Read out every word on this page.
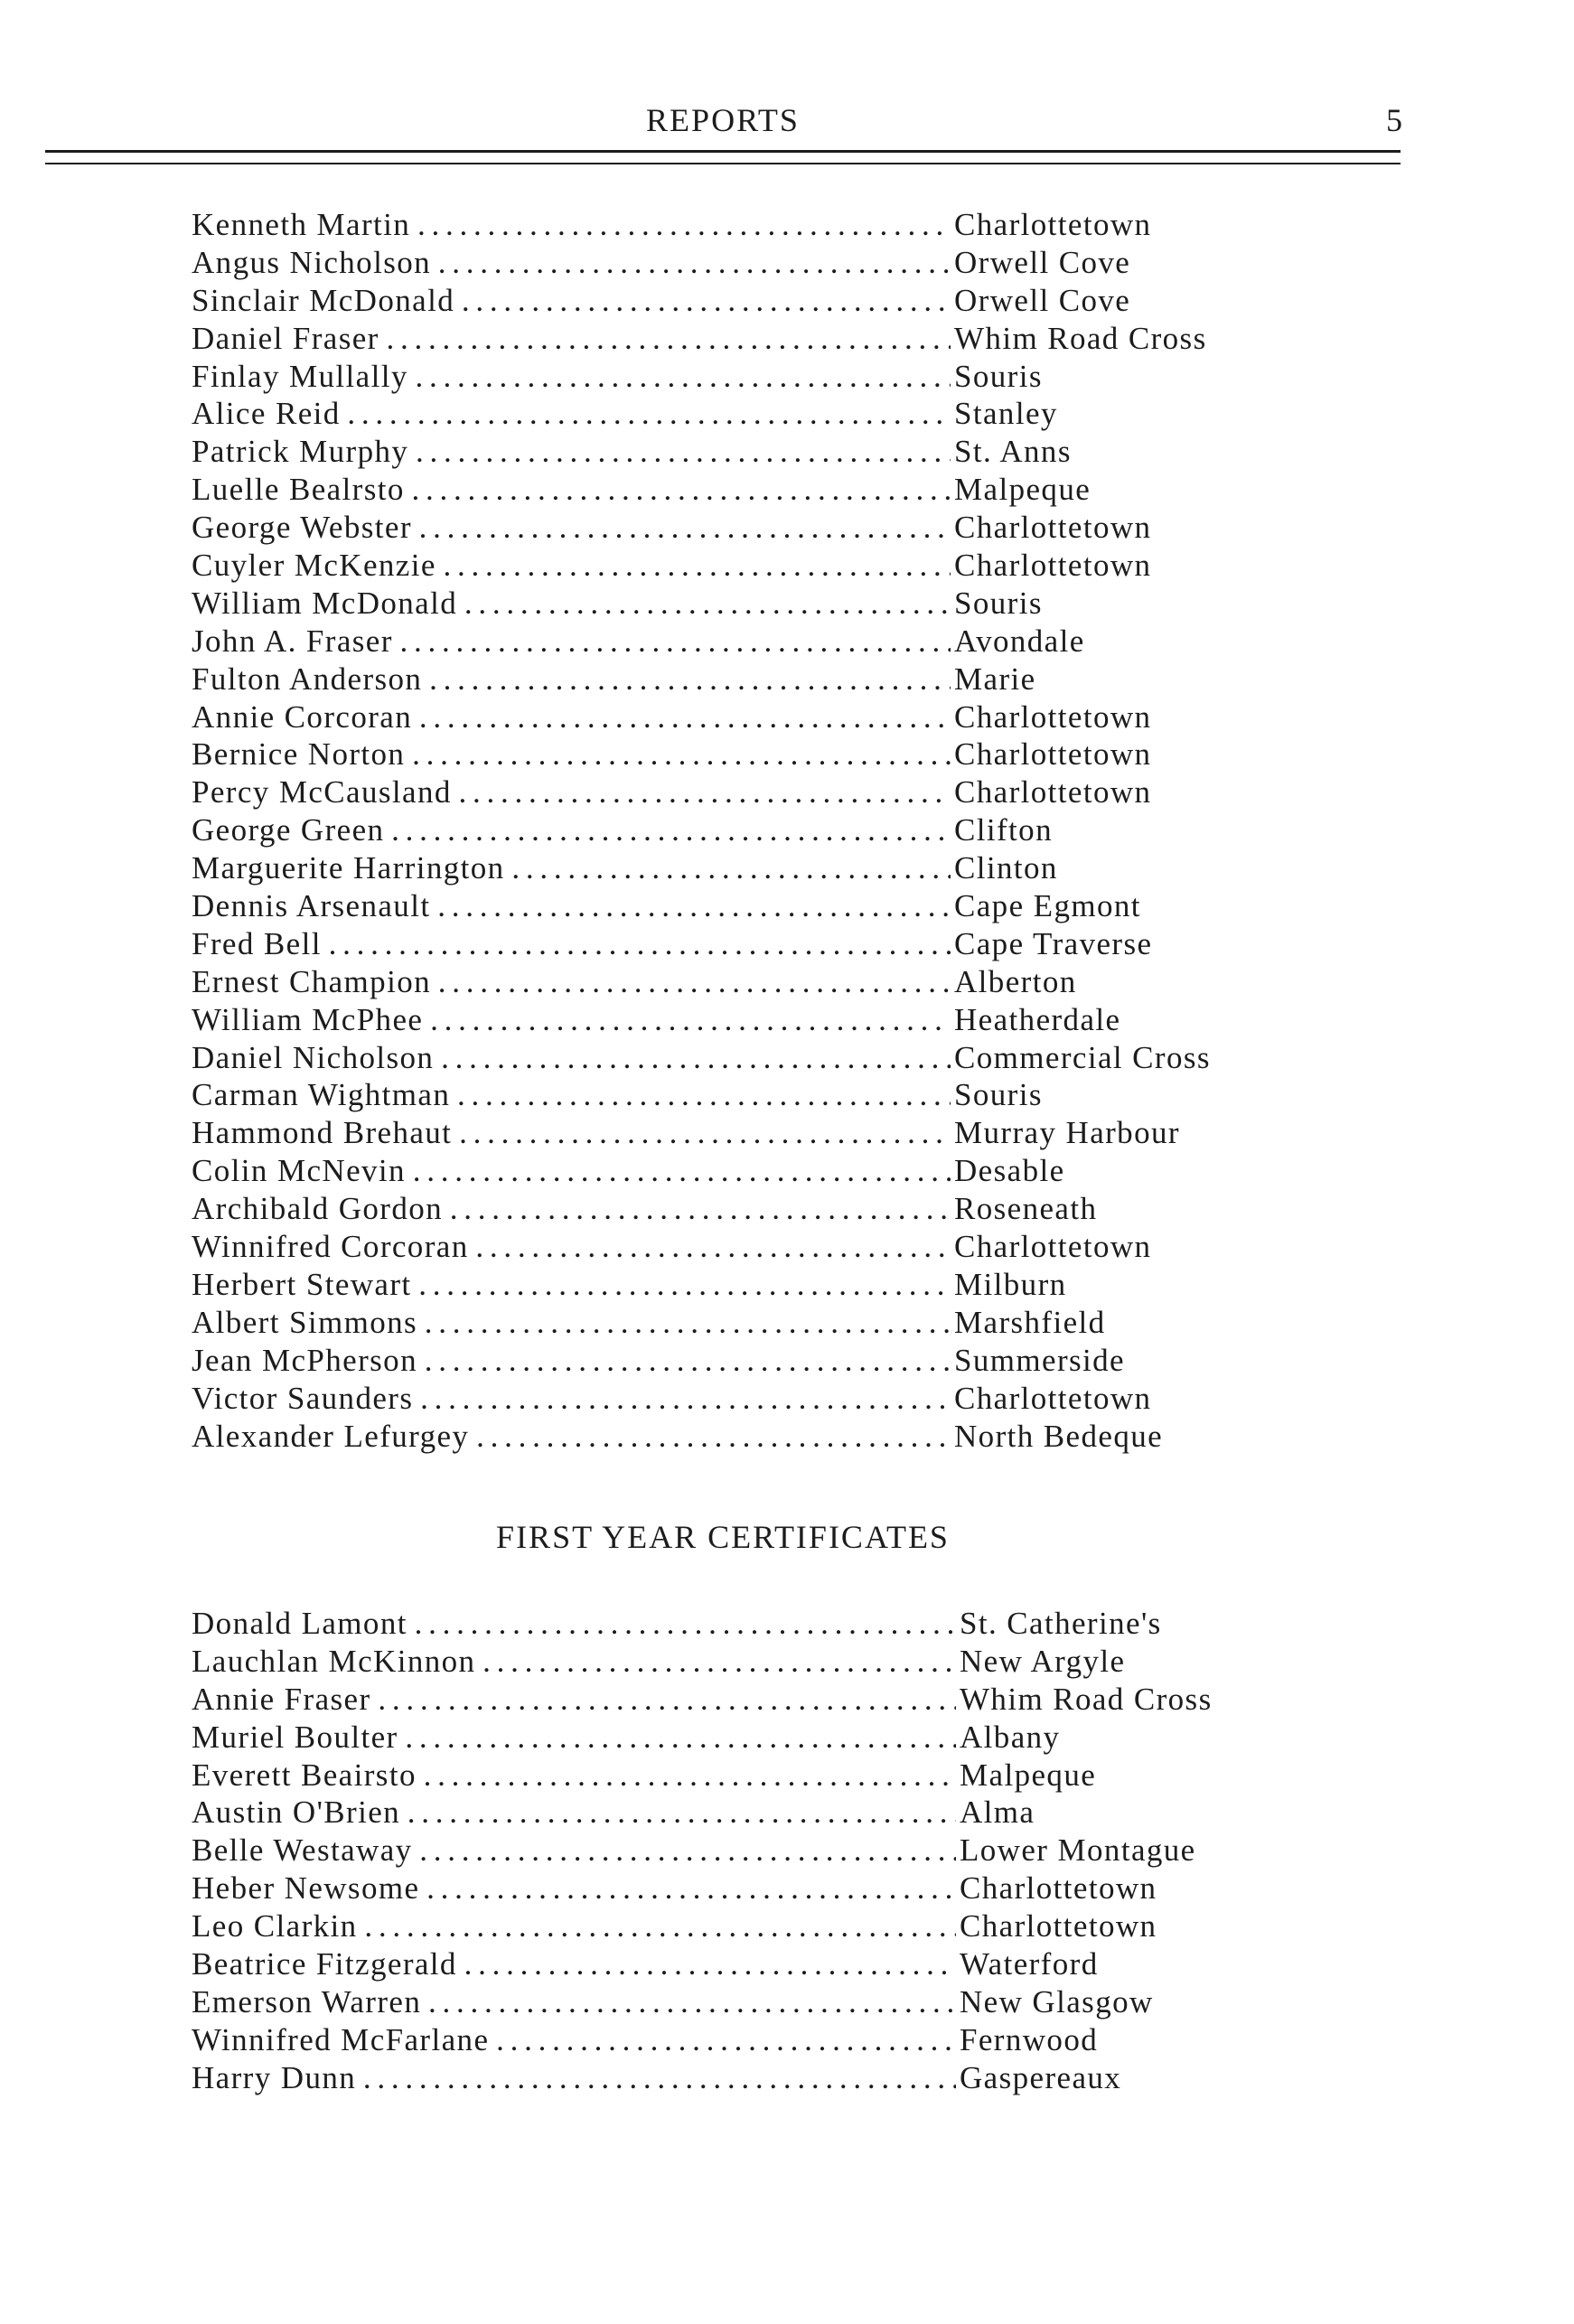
REPORTS	5
Kenneth Martin . . .	Charlottetown
Angus Nicholson . . .	Orwell Cove
Sinclair McDonald . . .	Orwell Cove
Daniel Fraser . . .	Whim Road Cross
Finlay Mullally . . .	Souris
Alice Reid . . .	Stanley
Patrick Murphy . . .	St. Anns
Luelle Bealrsto . . .	Malpeque
George Webster . . .	Charlottetown
Cuyler McKenzie . . .	Charlottetown
William McDonald . . .	Souris
John A. Fraser . . .	Avondale
Fulton Anderson . . .	Marie
Annie Corcoran . . .	Charlottetown
Bernice Norton . . .	Charlottetown
Percy McCausland . . .	Charlottetown
George Green . . .	Clifton
Marguerite Harrington . . .	Clinton
Dennis Arsenault . . .	Cape Egmont
Fred Bell . . .	Cape Traverse
Ernest Champion . . .	Alberton
William McPhee . . .	Heatherdale
Daniel Nicholson . . .	Commercial Cross
Carman Wightman . . .	Souris
Hammond Brehaut . . .	Murray Harbour
Colin McNevin . . .	Desable
Archibald Gordon . . .	Roseneath
Winnifred Corcoran . . .	Charlottetown
Herbert Stewart . . .	Milburn
Albert Simmons . . .	Marshfield
Jean McPherson . . .	Summerside
Victor Saunders . . .	Charlottetown
Alexander Lefurgey . . .	North Bedeque
FIRST YEAR CERTIFICATES
Donald Lamont . . .	St. Catherine's
Lauchlan McKinnon . . .	New Argyle
Annie Fraser . . .	Whim Road Cross
Muriel Boulter . . .	Albany
Everett Beairsto . . .	Malpeque
Austin O'Brien . . .	Alma
Belle Westaway . . .	Lower Montague
Heber Newsome . . .	Charlottetown
Leo Clarkin . . .	Charlottetown
Beatrice Fitzgerald . . .	Waterford
Emerson Warren . . .	New Glasgow
Winnifred McFarlane . . .	Fernwood
Harry Dunn . . .	Gaspereaux
